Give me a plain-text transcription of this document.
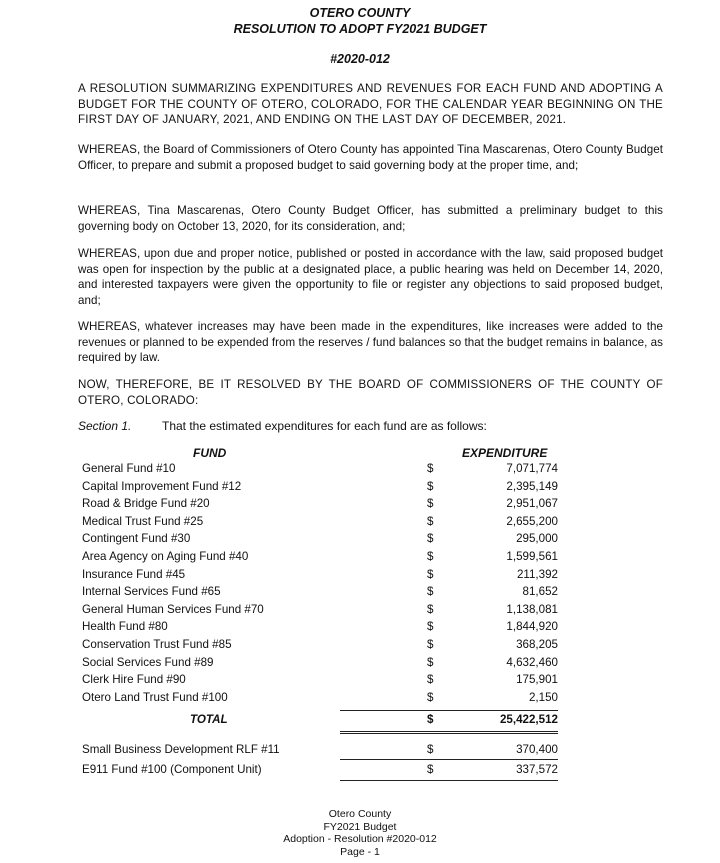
OTERO COUNTY
RESOLUTION TO ADOPT FY2021 BUDGET
#2020-012
A RESOLUTION SUMMARIZING EXPENDITURES AND REVENUES FOR EACH FUND AND ADOPTING A BUDGET FOR THE COUNTY OF OTERO, COLORADO, FOR THE CALENDAR YEAR BEGINNING ON THE FIRST DAY OF JANUARY, 2021, AND ENDING ON THE LAST DAY OF DECEMBER, 2021.
WHEREAS, the Board of Commissioners of Otero County has appointed Tina Mascarenas, Otero County Budget Officer, to prepare and submit a proposed budget to said governing body at the proper time, and;
WHEREAS, Tina Mascarenas, Otero County Budget Officer, has submitted a preliminary budget to this governing body on October 13, 2020, for its consideration, and;
WHEREAS, upon due and proper notice, published or posted in accordance with the law, said proposed budget was open for inspection by the public at a designated place, a public hearing was held on December 14, 2020, and interested taxpayers were given the opportunity to file or register any objections to said proposed budget, and;
WHEREAS, whatever increases may have been made in the expenditures, like increases were added to the revenues or planned to be expended from the reserves / fund balances so that the budget remains in balance, as required by law.
NOW, THEREFORE, BE IT RESOLVED BY THE BOARD OF COMMISSIONERS OF THE COUNTY OF OTERO, COLORADO:
Section 1.	That the estimated expenditures for each fund are as follows:
FUND	EXPENDITURE
General Fund #10	$	7,071,774
Capital Improvement Fund #12	$	2,395,149
Road & Bridge Fund #20	$	2,951,067
Medical Trust Fund #25	$	2,655,200
Contingent Fund #30	$	295,000
Area Agency on Aging Fund #40	$	1,599,561
Insurance Fund #45	$	211,392
Internal Services Fund #65	$	81,652
General Human Services Fund #70	$	1,138,081
Health Fund #80	$	1,844,920
Conservation Trust Fund #85	$	368,205
Social Services Fund #89	$	4,632,460
Clerk Hire Fund #90	$	175,901
Otero Land Trust Fund #100	$	2,150
TOTAL	$	25,422,512
Small Business Development RLF #11	$	370,400
E911 Fund #100 (Component Unit)	$	337,572
Otero County
FY2021 Budget
Adoption - Resolution #2020-012
Page - 1
